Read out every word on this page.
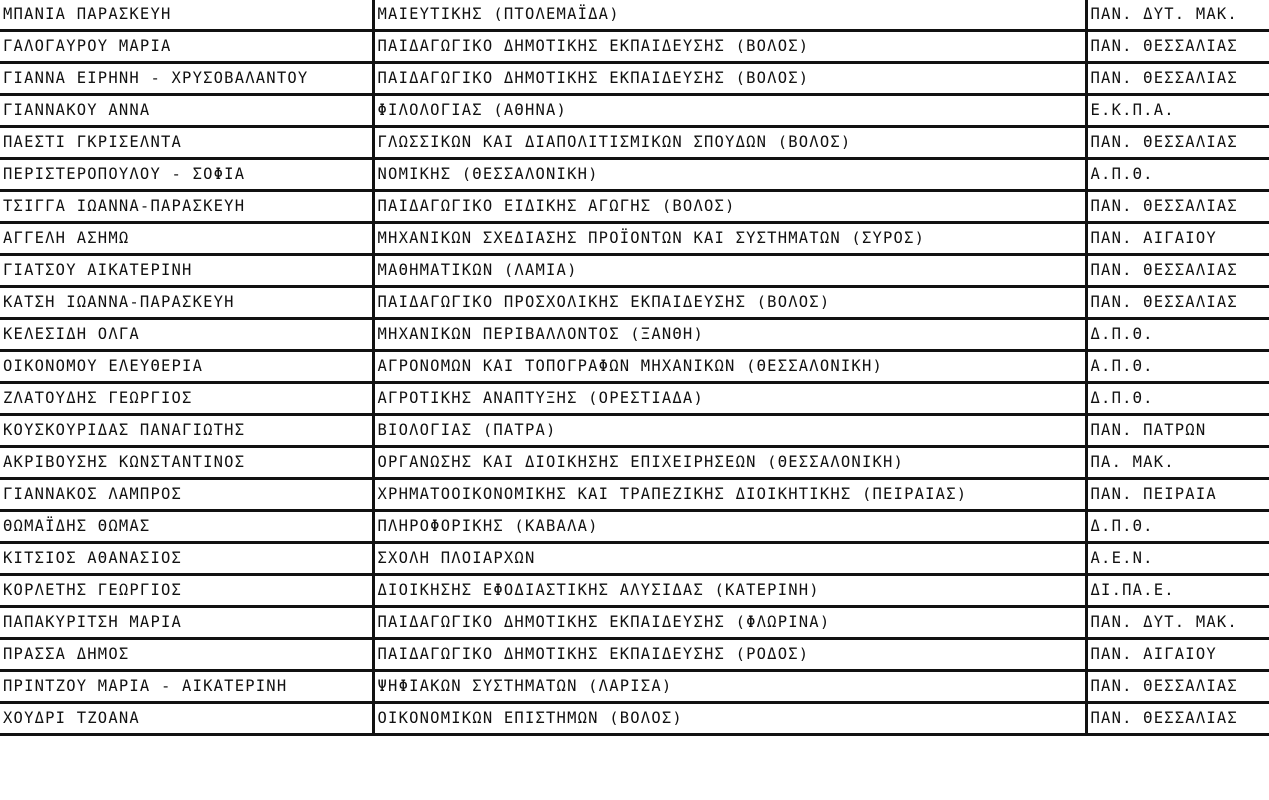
ΜΠΑΝΙΑ ΠΑΡΑΣΚΕΥΗ	ΜΑΙΕΥΤΙΚΗΣ (ΠΤΟΛΕΜΑΪΔΑ)	ΠΑΝ. ΔΥΤ. ΜΑΚ.
ΓΑΛΟΓΑΥΡΟΥ ΜΑΡΙΑ	ΠΑΙΔΑΓΩΓΙΚΟ ΔΗΜΟΤΙΚΗΣ ΕΚΠΑΙΔΕΥΣΗΣ (ΒΟΛΟΣ)	ΠΑΝ. ΘΕΣΣΑΛΙΑΣ
ΓΙΑΝΝΑ ΕΙΡΗΝΗ - ΧΡΥΣΟΒΑΛΑΝΤΟΥ	ΠΑΙΔΑΓΩΓΙΚΟ ΔΗΜΟΤΙΚΗΣ ΕΚΠΑΙΔΕΥΣΗΣ (ΒΟΛΟΣ)	ΠΑΝ. ΘΕΣΣΑΛΙΑΣ
ΓΙΑΝΝΑΚΟΥ ΑΝΝΑ	ΦΙΛΟΛΟΓΙΑΣ (ΑΘΗΝΑ)	Ε.Κ.Π.Α.
ΠΑΕΣΤΙ ΓΚΡΙΣΕΛΝΤΑ	ΓΛΩΣΣΙΚΩΝ ΚΑΙ ΔΙΑΠΟΛΙΤΙΣΜΙΚΩΝ ΣΠΟΥΔΩΝ (ΒΟΛΟΣ)	ΠΑΝ. ΘΕΣΣΑΛΙΑΣ
ΠΕΡΙΣΤΕΡΟΠΟΥΛΟΥ - ΣΟΦΙΑ	ΝΟΜΙΚΗΣ (ΘΕΣΣΑΛΟΝΙΚΗ)	Α.Π.Θ.
ΤΣΙΓΓΑ ΙΩΑΝΝΑ-ΠΑΡΑΣΚΕΥΗ	ΠΑΙΔΑΓΩΓΙΚΟ ΕΙΔΙΚΗΣ ΑΓΩΓΗΣ (ΒΟΛΟΣ)	ΠΑΝ. ΘΕΣΣΑΛΙΑΣ
ΑΓΓΕΛΗ ΑΣΗΜΩ	ΜΗΧΑΝΙΚΩΝ ΣΧΕΔΙΑΣΗΣ ΠΡΟΪΟΝΤΩΝ ΚΑΙ ΣΥΣΤΗΜΑΤΩΝ (ΣΥΡΟΣ)	ΠΑΝ. ΑΙΓΑΙΟΥ
ΓΙΑΤΣΟΥ ΑΙΚΑΤΕΡΙΝΗ	ΜΑΘΗΜΑΤΙΚΩΝ (ΛΑΜΙΑ)	ΠΑΝ. ΘΕΣΣΑΛΙΑΣ
ΚΑΤΣΗ ΙΩΑΝΝΑ-ΠΑΡΑΣΚΕΥΗ	ΠΑΙΔΑΓΩΓΙΚΟ ΠΡΟΣΧΟΛΙΚΗΣ ΕΚΠΑΙΔΕΥΣΗΣ (ΒΟΛΟΣ)	ΠΑΝ. ΘΕΣΣΑΛΙΑΣ
ΚΕΛΕΣΙΔΗ ΟΛΓΑ	ΜΗΧΑΝΙΚΩΝ ΠΕΡΙΒΑΛΛΟΝΤΟΣ (ΞΑΝΘΗ)	Δ.Π.Θ.
ΟΙΚΟΝΟΜΟΥ ΕΛΕΥΘΕΡΙΑ	ΑΓΡΟΝΟΜΩΝ ΚΑΙ ΤΟΠΟΓΡΑΦΩΝ ΜΗΧΑΝΙΚΩΝ (ΘΕΣΣΑΛΟΝΙΚΗ)	Α.Π.Θ.
ΖΛΑΤΟΥΔΗΣ ΓΕΩΡΓΙΟΣ	ΑΓΡΟΤΙΚΗΣ ΑΝΑΠΤΥΞΗΣ (ΟΡΕΣΤΙΑΔΑ)	Δ.Π.Θ.
ΚΟΥΣΚΟΥΡΙΔΑΣ ΠΑΝΑΓΙΩΤΗΣ	ΒΙΟΛΟΓΙΑΣ (ΠΑΤΡΑ)	ΠΑΝ. ΠΑΤΡΩΝ
ΑΚΡΙΒΟΥΣΗΣ ΚΩΝΣΤΑΝΤΙΝΟΣ	ΟΡΓΑΝΩΣΗΣ ΚΑΙ ΔΙΟΙΚΗΣΗΣ ΕΠΙΧΕΙΡΗΣΕΩΝ (ΘΕΣΣΑΛΟΝΙΚΗ)	ΠΑ. ΜΑΚ.
ΓΙΑΝΝΑΚΟΣ ΛΑΜΠΡΟΣ	ΧΡΗΜΑΤΟΟΙΚΟΝΟΜΙΚΗΣ ΚΑΙ ΤΡΑΠΕΖΙΚΗΣ ΔΙΟΙΚΗΤΙΚΗΣ (ΠΕΙΡΑΙΑΣ)	ΠΑΝ. ΠΕΙΡΑΙΑ
ΘΩΜΑΪΔΗΣ ΘΩΜΑΣ	ΠΛΗΡΟΦΟΡΙΚΗΣ (ΚΑΒΑΛΑ)	Δ.Π.Θ.
ΚΙΤΣΙΟΣ ΑΘΑΝΑΣΙΟΣ	ΣΧΟΛΗ ΠΛΟΙΑΡΧΩΝ	Α.Ε.Ν.
ΚΟΡΛΕΤΗΣ ΓΕΩΡΓΙΟΣ	ΔΙΟΙΚΗΣΗΣ ΕΦΟΔΙΑΣΤΙΚΗΣ ΑΛΥΣΙΔΑΣ (ΚΑΤΕΡΙΝΗ)	ΔΙ.ΠΑ.Ε.
ΠΑΠΑΚΥΡΙΤΣΗ ΜΑΡΙΑ	ΠΑΙΔΑΓΩΓΙΚΟ ΔΗΜΟΤΙΚΗΣ ΕΚΠΑΙΔΕΥΣΗΣ (ΦΛΩΡΙΝΑ)	ΠΑΝ. ΔΥΤ. ΜΑΚ.
ΠΡΑΣΣΑ ΔΗΜΟΣ	ΠΑΙΔΑΓΩΓΙΚΟ ΔΗΜΟΤΙΚΗΣ ΕΚΠΑΙΔΕΥΣΗΣ (ΡΟΔΟΣ)	ΠΑΝ. ΑΙΓΑΙΟΥ
ΠΡΙΝΤΖΟΥ ΜΑΡΙΑ - ΑΙΚΑΤΕΡΙΝΗ	ΨΗΦΙΑΚΩΝ ΣΥΣΤΗΜΑΤΩΝ (ΛΑΡΙΣΑ)	ΠΑΝ. ΘΕΣΣΑΛΙΑΣ
ΧΟΥΔΡΙ ΤΖΟΑΝΑ	ΟΙΚΟΝΟΜΙΚΩΝ ΕΠΙΣΤΗΜΩΝ (ΒΟΛΟΣ)	ΠΑΝ. ΘΕΣΣΑΛΙΑΣ
